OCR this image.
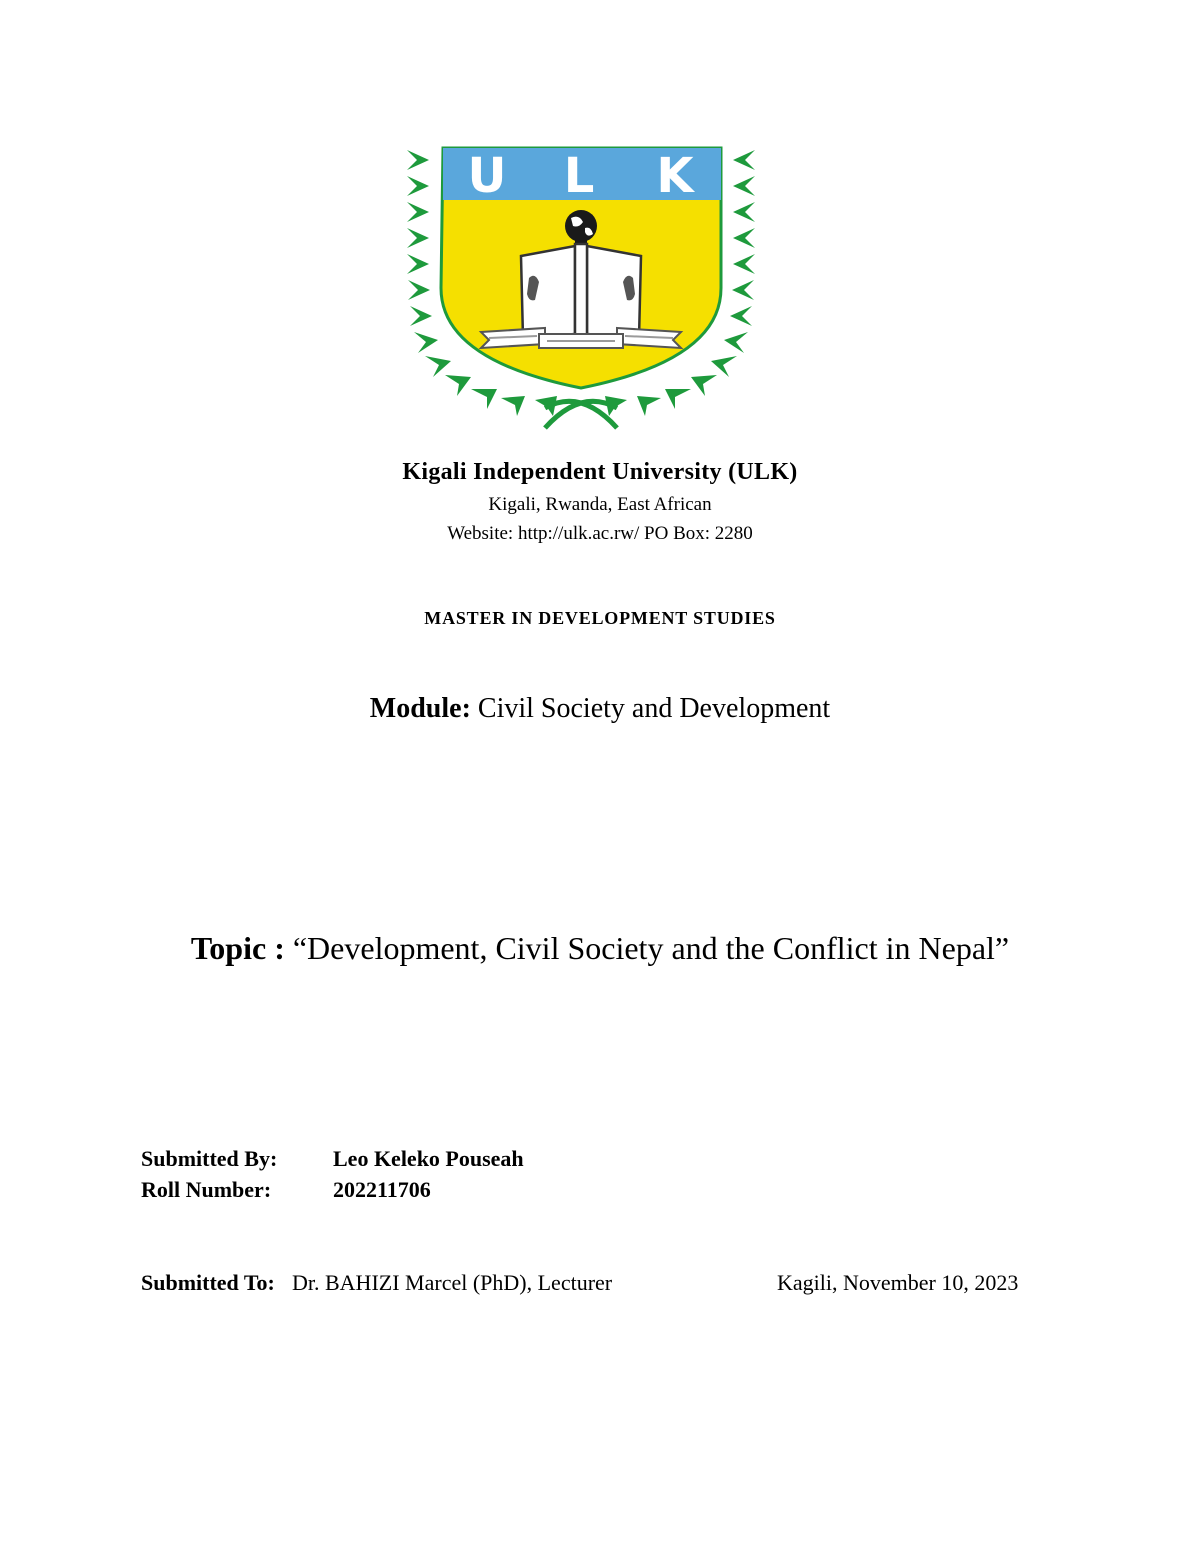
U L K
Kigali Independent University (ULK)
Kigali, Rwanda, East African
Website: http://ulk.ac.rw/ PO Box: 2280
MASTER IN DEVELOPMENT STUDIES
Module: Civil Society and Development
Topic : “Development, Civil Society and the Conflict in Nepal”
Submitted By:	Leo Keleko Pouseah
Roll Number:	202211706
Submitted To: Dr. BAHIZI Marcel (PhD), Lecturer	Kagili, November 10, 2023
